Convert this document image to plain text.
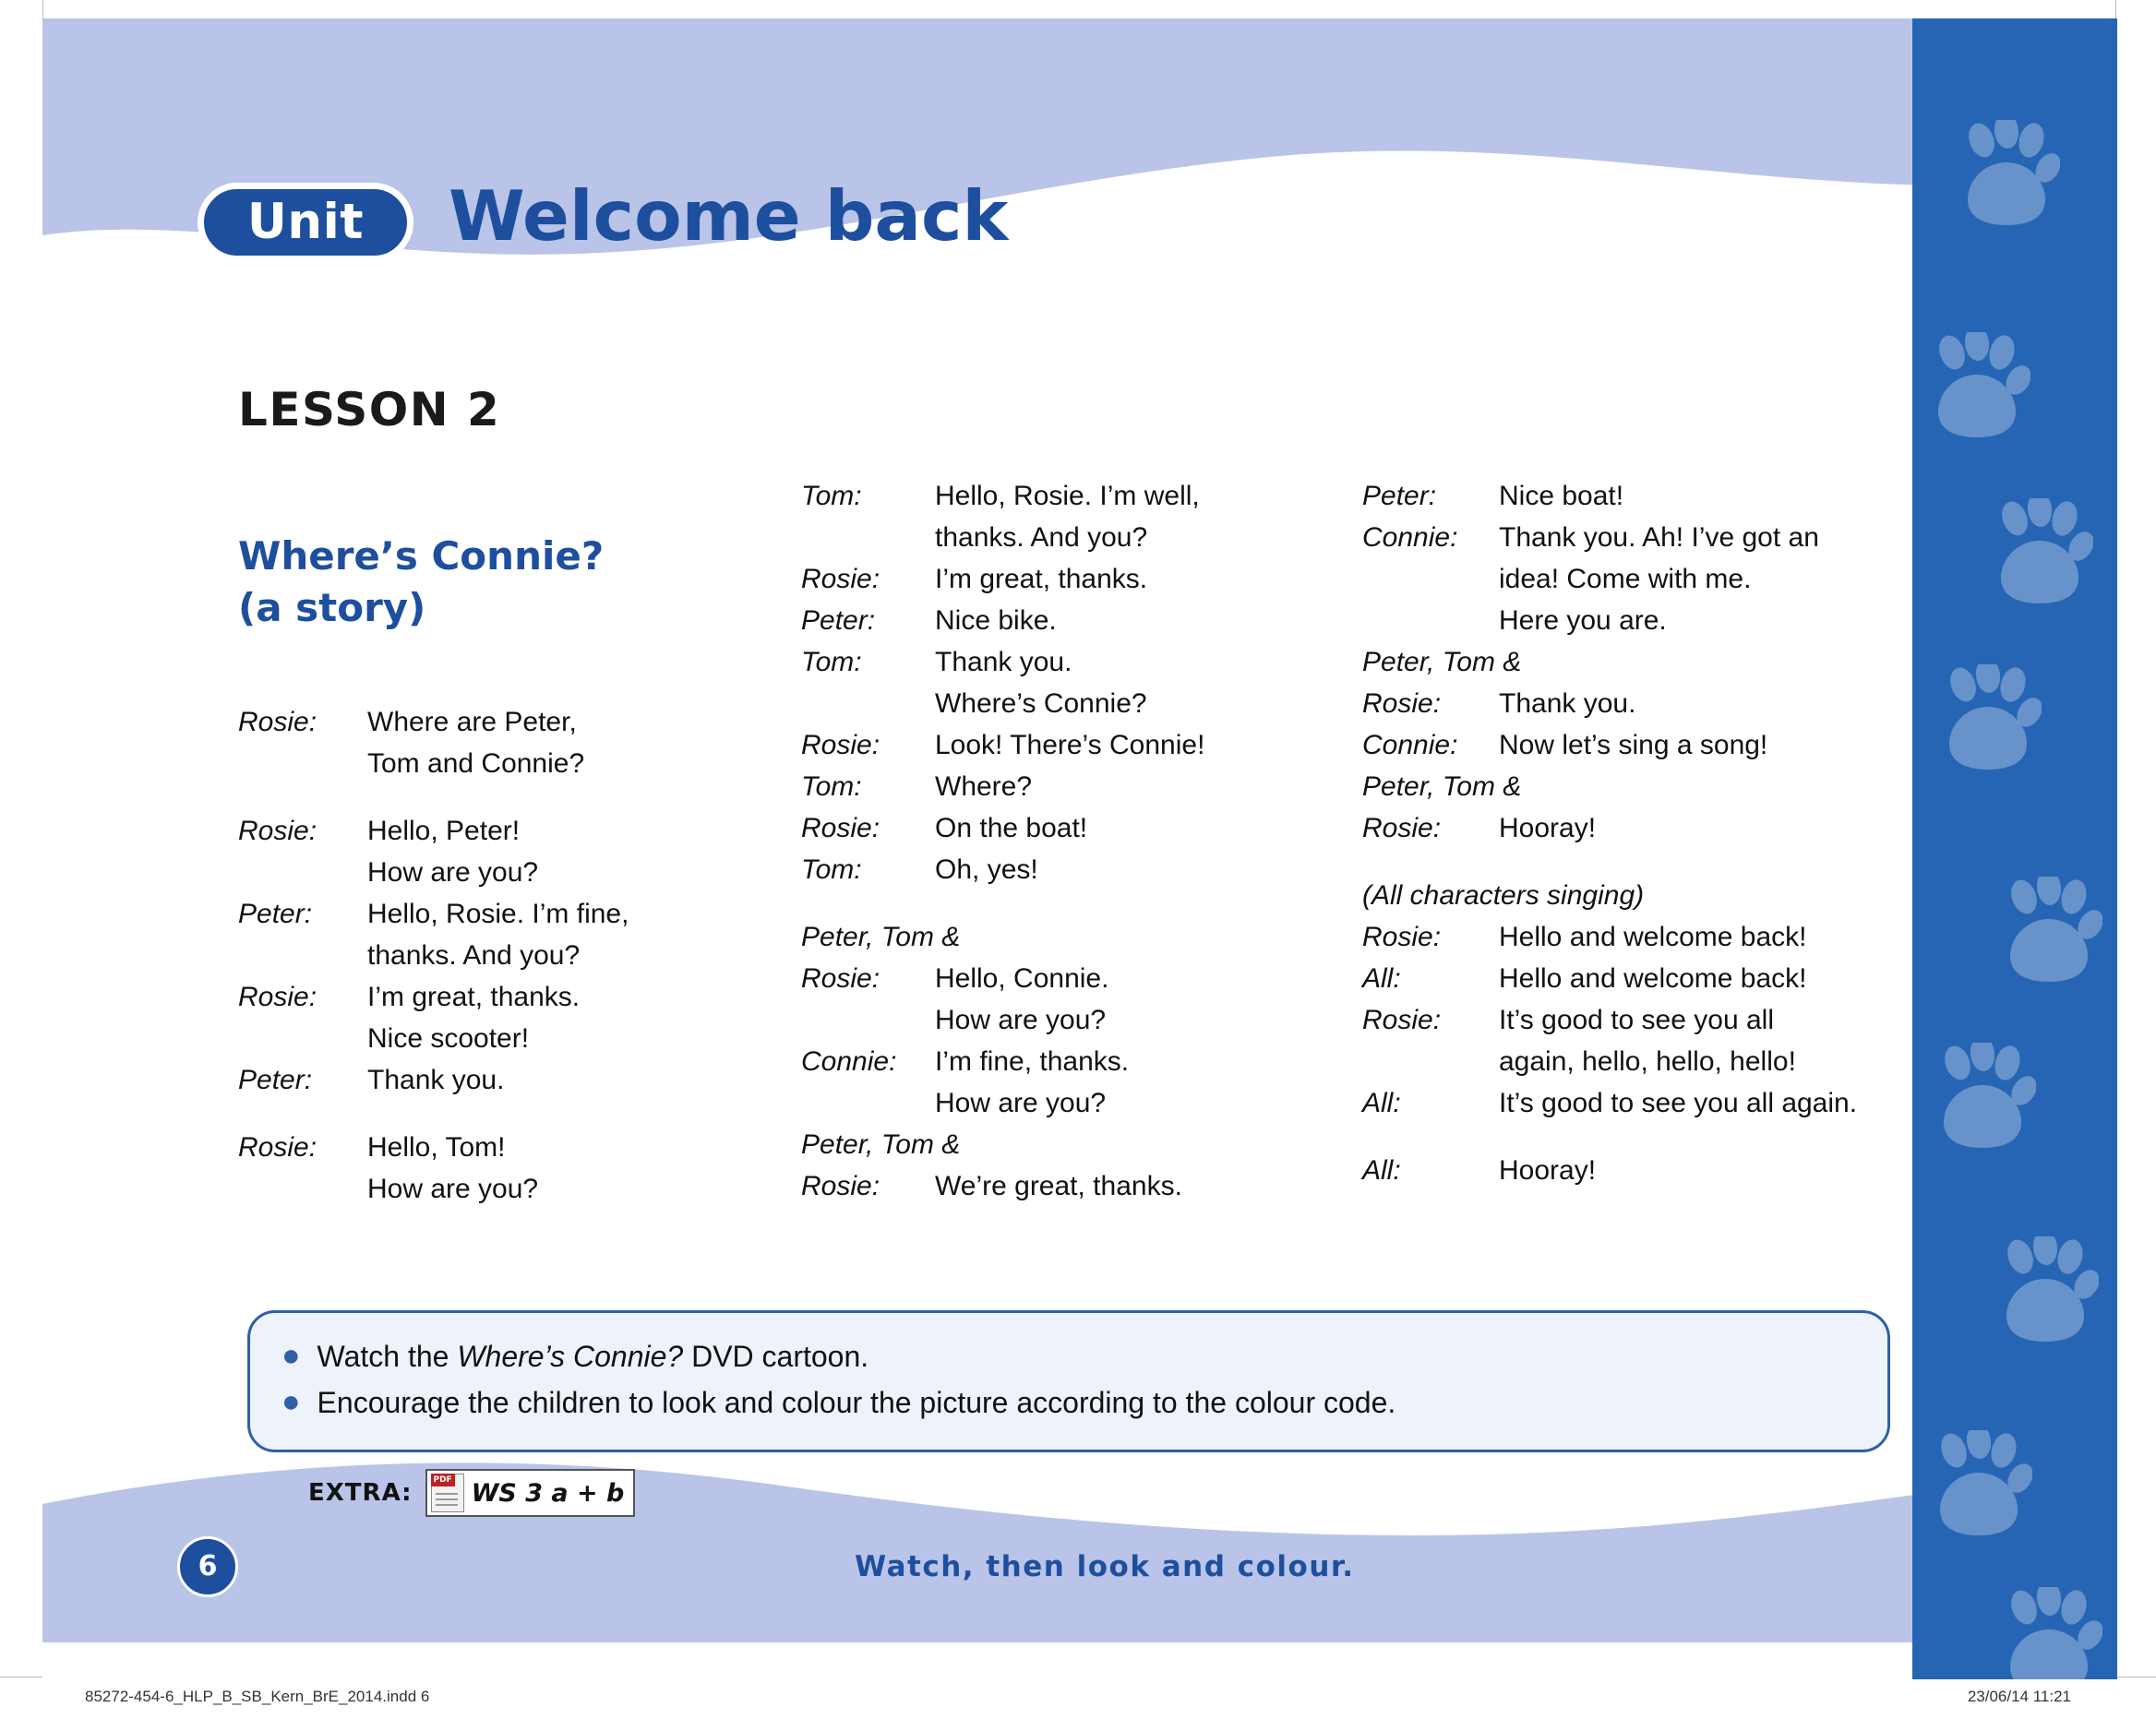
Unit	Welcome back
LESSON 2
Where’s Connie?
(a story)
Rosie:	Where are Peter,
Tom and Connie?
Rosie:	Hello, Peter!
How are you?
Peter:	Hello, Rosie. I’m fine,
thanks. And you?
Rosie:	I’m great, thanks.
Nice scooter!
Peter:	Thank you.
Rosie:	Hello, Tom!
How are you?
Tom:	Hello, Rosie. I’m well,
thanks. And you?
Rosie:	I’m great, thanks.
Peter:	Nice bike.
Tom:	Thank you.
Where’s Connie?
Rosie:	Look! There’s Connie!
Tom:	Where?
Rosie:	On the boat!
Tom:	Oh, yes!
Peter, Tom &
Rosie:	Hello, Connie.
How are you?
Connie:	I’m fine, thanks.
How are you?
Peter, Tom &
Rosie:	We’re great, thanks.
Peter:	Nice boat!
Connie:	Thank you. Ah! I’ve got an
idea! Come with me.
Here you are.
Peter, Tom &
Rosie:	Thank you.
Connie:	Now let’s sing a song!
Peter, Tom &
Rosie:	Hooray!
(All characters singing)
Rosie:	Hello and welcome back!
All:	Hello and welcome back!
Rosie:	It’s good to see you all
again, hello, hello, hello!
All:	It’s good to see you all again.
All:	Hooray!
● Watch the Where’s Connie? DVD cartoon.
● Encourage the children to look and colour the picture according to the colour code.
EXTRA:	PDF WS 3 a + b
6	Watch, then look and colour.
85272-454-6_HLP_B_SB_Kern_BrE_2014.indd 6	23/06/14 11:21
